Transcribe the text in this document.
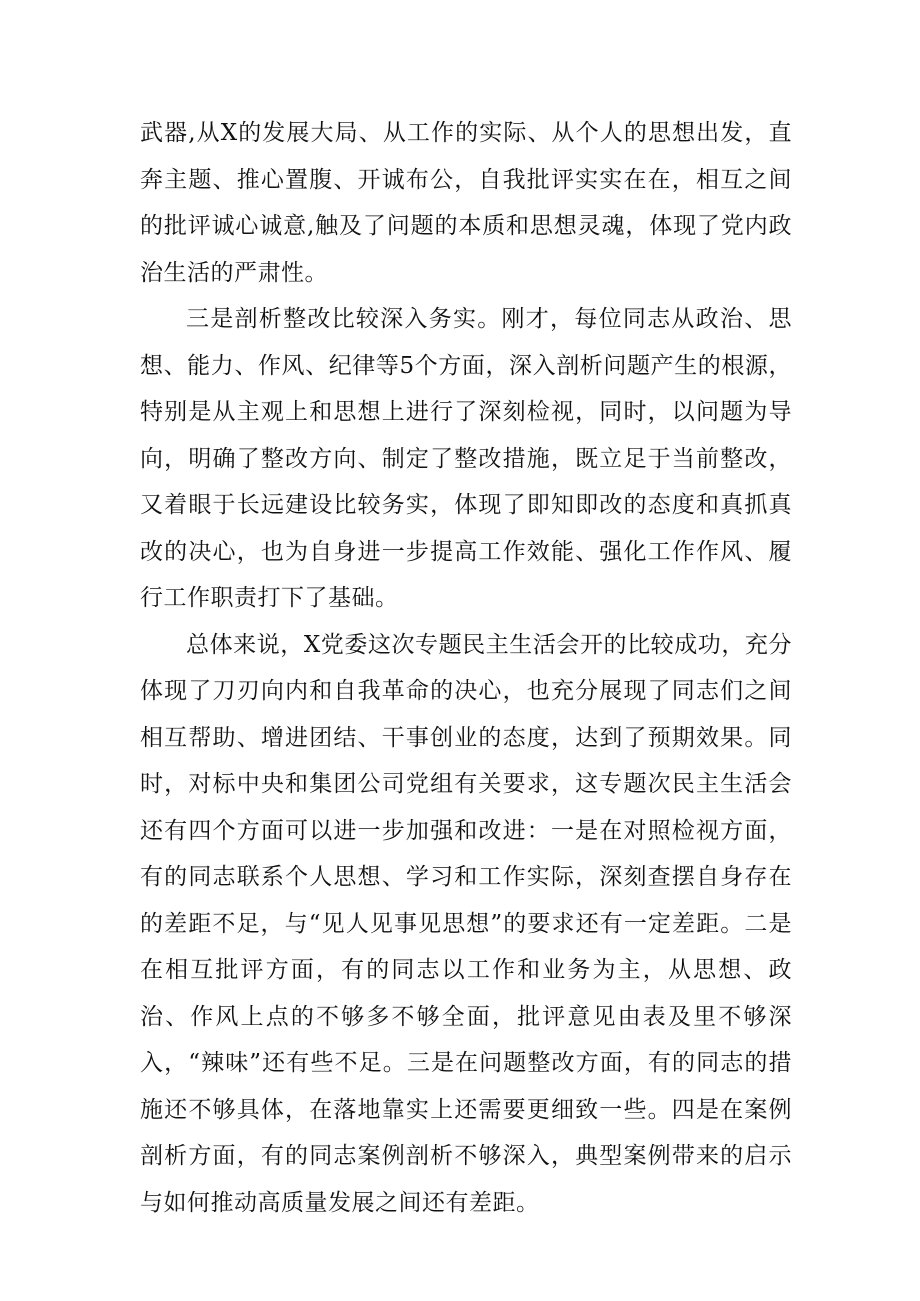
武器,从X的发展大局、从工作的实际、从个人的思想出发，直奔主题、推心置腹、开诚布公，自我批评实实在在，相互之间的批评诚心诚意,触及了问题的本质和思想灵魂，体现了党内政治生活的严肃性。

三是剖析整改比较深入务实。刚才，每位同志从政治、思想、能力、作风、纪律等5个方面，深入剖析问题产生的根源，特别是从主观上和思想上进行了深刻检视，同时，以问题为导向，明确了整改方向、制定了整改措施，既立足于当前整改，又着眼于长远建设比较务实，体现了即知即改的态度和真抓真改的决心，也为自身进一步提高工作效能、强化工作作风、履行工作职责打下了基础。

总体来说，X党委这次专题民主生活会开的比较成功，充分体现了刀刃向内和自我革命的决心，也充分展现了同志们之间相互帮助、增进团结、干事创业的态度，达到了预期效果。同时，对标中央和集团公司党组有关要求，这专题次民主生活会还有四个方面可以进一步加强和改进：一是在对照检视方面，有的同志联系个人思想、学习和工作实际，深刻查摆自身存在的差距不足，与“见人见事见思想”的要求还有一定差距。二是在相互批评方面，有的同志以工作和业务为主，从思想、政治、作风上点的不够多不够全面，批评意见由表及里不够深入，“辣味”还有些不足。三是在问题整改方面，有的同志的措施还不够具体，在落地靠实上还需要更细致一些。四是在案例剖析方面，有的同志案例剖析不够深入，典型案例带来的启示与如何推动高质量发展之间还有差距。
